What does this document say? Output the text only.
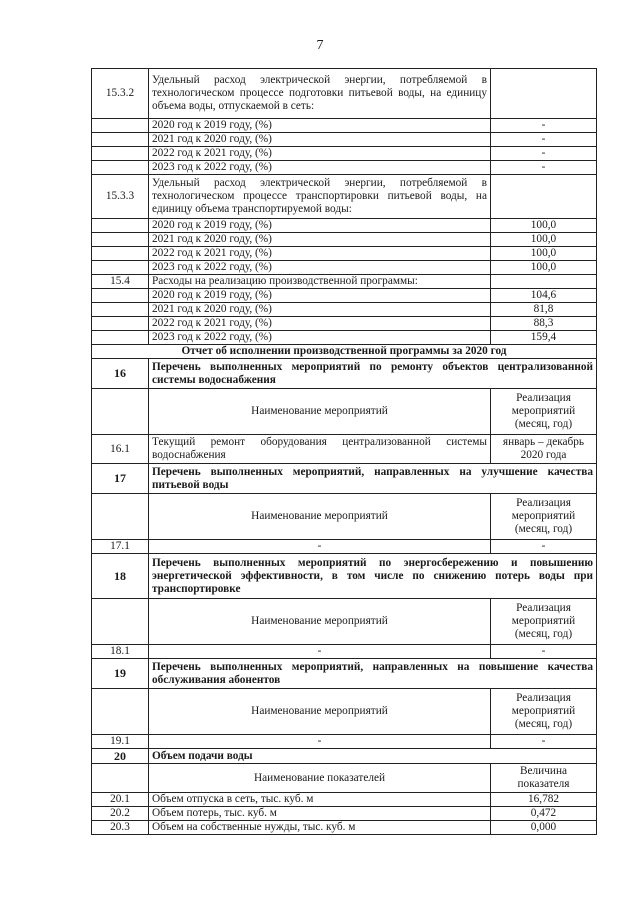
7
15.3.2	Удельный расход электрической энергии, потребляемой в технологическом процессе подготовки питьевой воды, на единицу объема воды, отпускаемой в сеть:	
	2020 год к 2019 году, (%)	-
	2021 год к 2020 году, (%)	-
	2022 год к 2021 году, (%)	-
	2023 год к 2022 году, (%)	-
15.3.3	Удельный расход электрической энергии, потребляемой в технологическом процессе транспортировки питьевой воды, на единицу объема транспортируемой воды:	
	2020 год к 2019 году, (%)	100,0
	2021 год к 2020 году, (%)	100,0
	2022 год к 2021 году, (%)	100,0
	2023 год к 2022 году, (%)	100,0
15.4	Расходы на реализацию производственной программы:	
	2020 год к 2019 году, (%)	104,6
	2021 год к 2020 году, (%)	81,8
	2022 год к 2021 году, (%)	88,3
	2023 год к 2022 году, (%)	159,4
Отчет об исполнении производственной программы за 2020 год		
16	Перечень выполненных мероприятий по ремонту объектов централизованной системы водоснабжения	
	Наименование мероприятий	Реализация мероприятий (месяц, год)
16.1	Текущий ремонт оборудования централизованной системы водоснабжения	январь – декабрь 2020 года
17	Перечень выполненных мероприятий, направленных на улучшение качества питьевой воды	
	Наименование мероприятий	Реализация мероприятий (месяц, год)
17.1	-	-
18	Перечень выполненных мероприятий по энергосбережению и повышению энергетической эффективности, в том числе по снижению потерь воды при транспортировке	
	Наименование мероприятий	Реализация мероприятий (месяц, год)
18.1	-	-
19	Перечень выполненных мероприятий, направленных на повышение качества обслуживания абонентов	
	Наименование мероприятий	Реализация мероприятий (месяц, год)
19.1	-	-
20	Объем подачи воды	
	Наименование показателей	Величина показателя
20.1	Объем отпуска в сеть, тыс. куб. м	16,782
20.2	Объем потерь, тыс. куб. м	0,472
20.3	Объем на собственные нужды, тыс. куб. м	0,000
